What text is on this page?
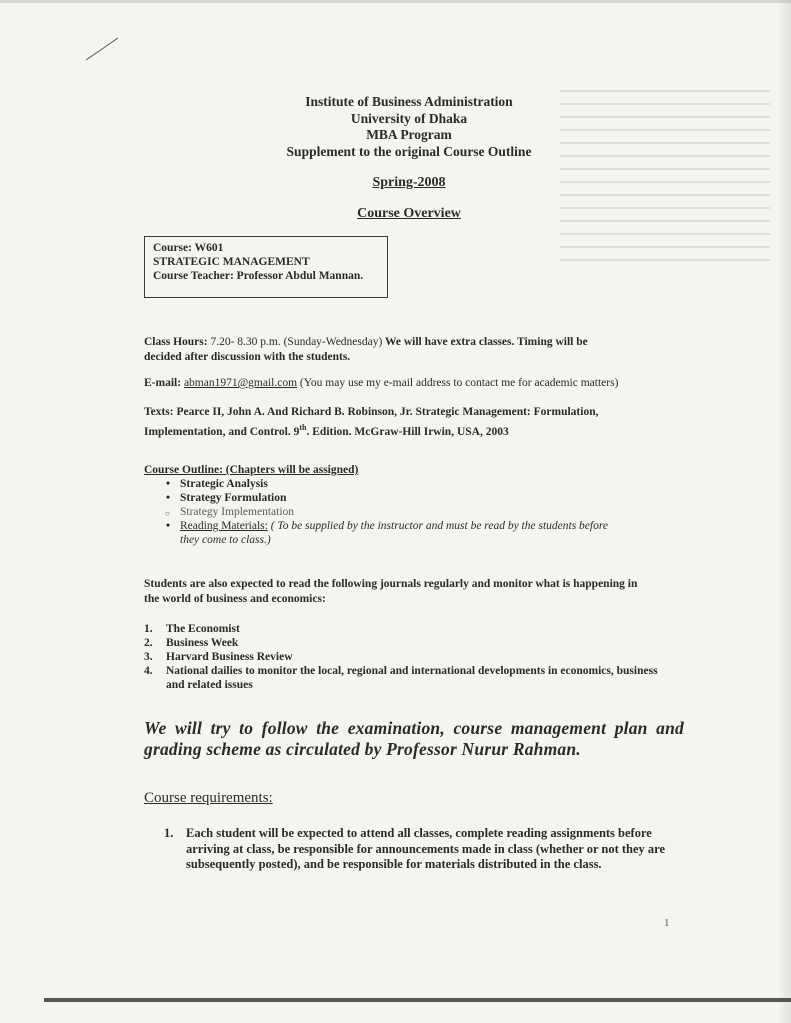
Institute of Business Administration
University of Dhaka
MBA Program
Supplement to the original Course Outline
Spring-2008
Course Overview
Course: W601
STRATEGIC MANAGEMENT
Course Teacher: Professor Abdul Mannan.
Class Hours: 7.20- 8.30 p.m. (Sunday-Wednesday) We will have extra classes. Timing will be
decided after discussion with the students.
E-mail: abman1971@gmail.com (You may use my e-mail address to contact me for academic matters)
Texts: Pearce II, John A. And Richard B. Robinson, Jr. Strategic Management: Formulation,
Implementation, and Control. 9th. Edition. McGraw-Hill Irwin, USA, 2003
Course Outline: (Chapters will be assigned)
• Strategic Analysis
• Strategy Formulation
○ Strategy Implementation
• Reading Materials: ( To be supplied by the instructor and must be read by the students before
they come to class.)
Students are also expected to read the following journals regularly and monitor what is happening in
the world of business and economics:
1. The Economist
2. Business Week
3. Harvard Business Review
4. National dailies to monitor the local, regional and international developments in economics, business and related issues
We will try to follow the examination, course management plan and grading scheme as circulated by Professor Nurur Rahman.
Course requirements:
1. Each student will be expected to attend all classes, complete reading assignments before arriving at class, be responsible for announcements made in class (whether or not they are subsequently posted), and be responsible for materials distributed in the class.
1
